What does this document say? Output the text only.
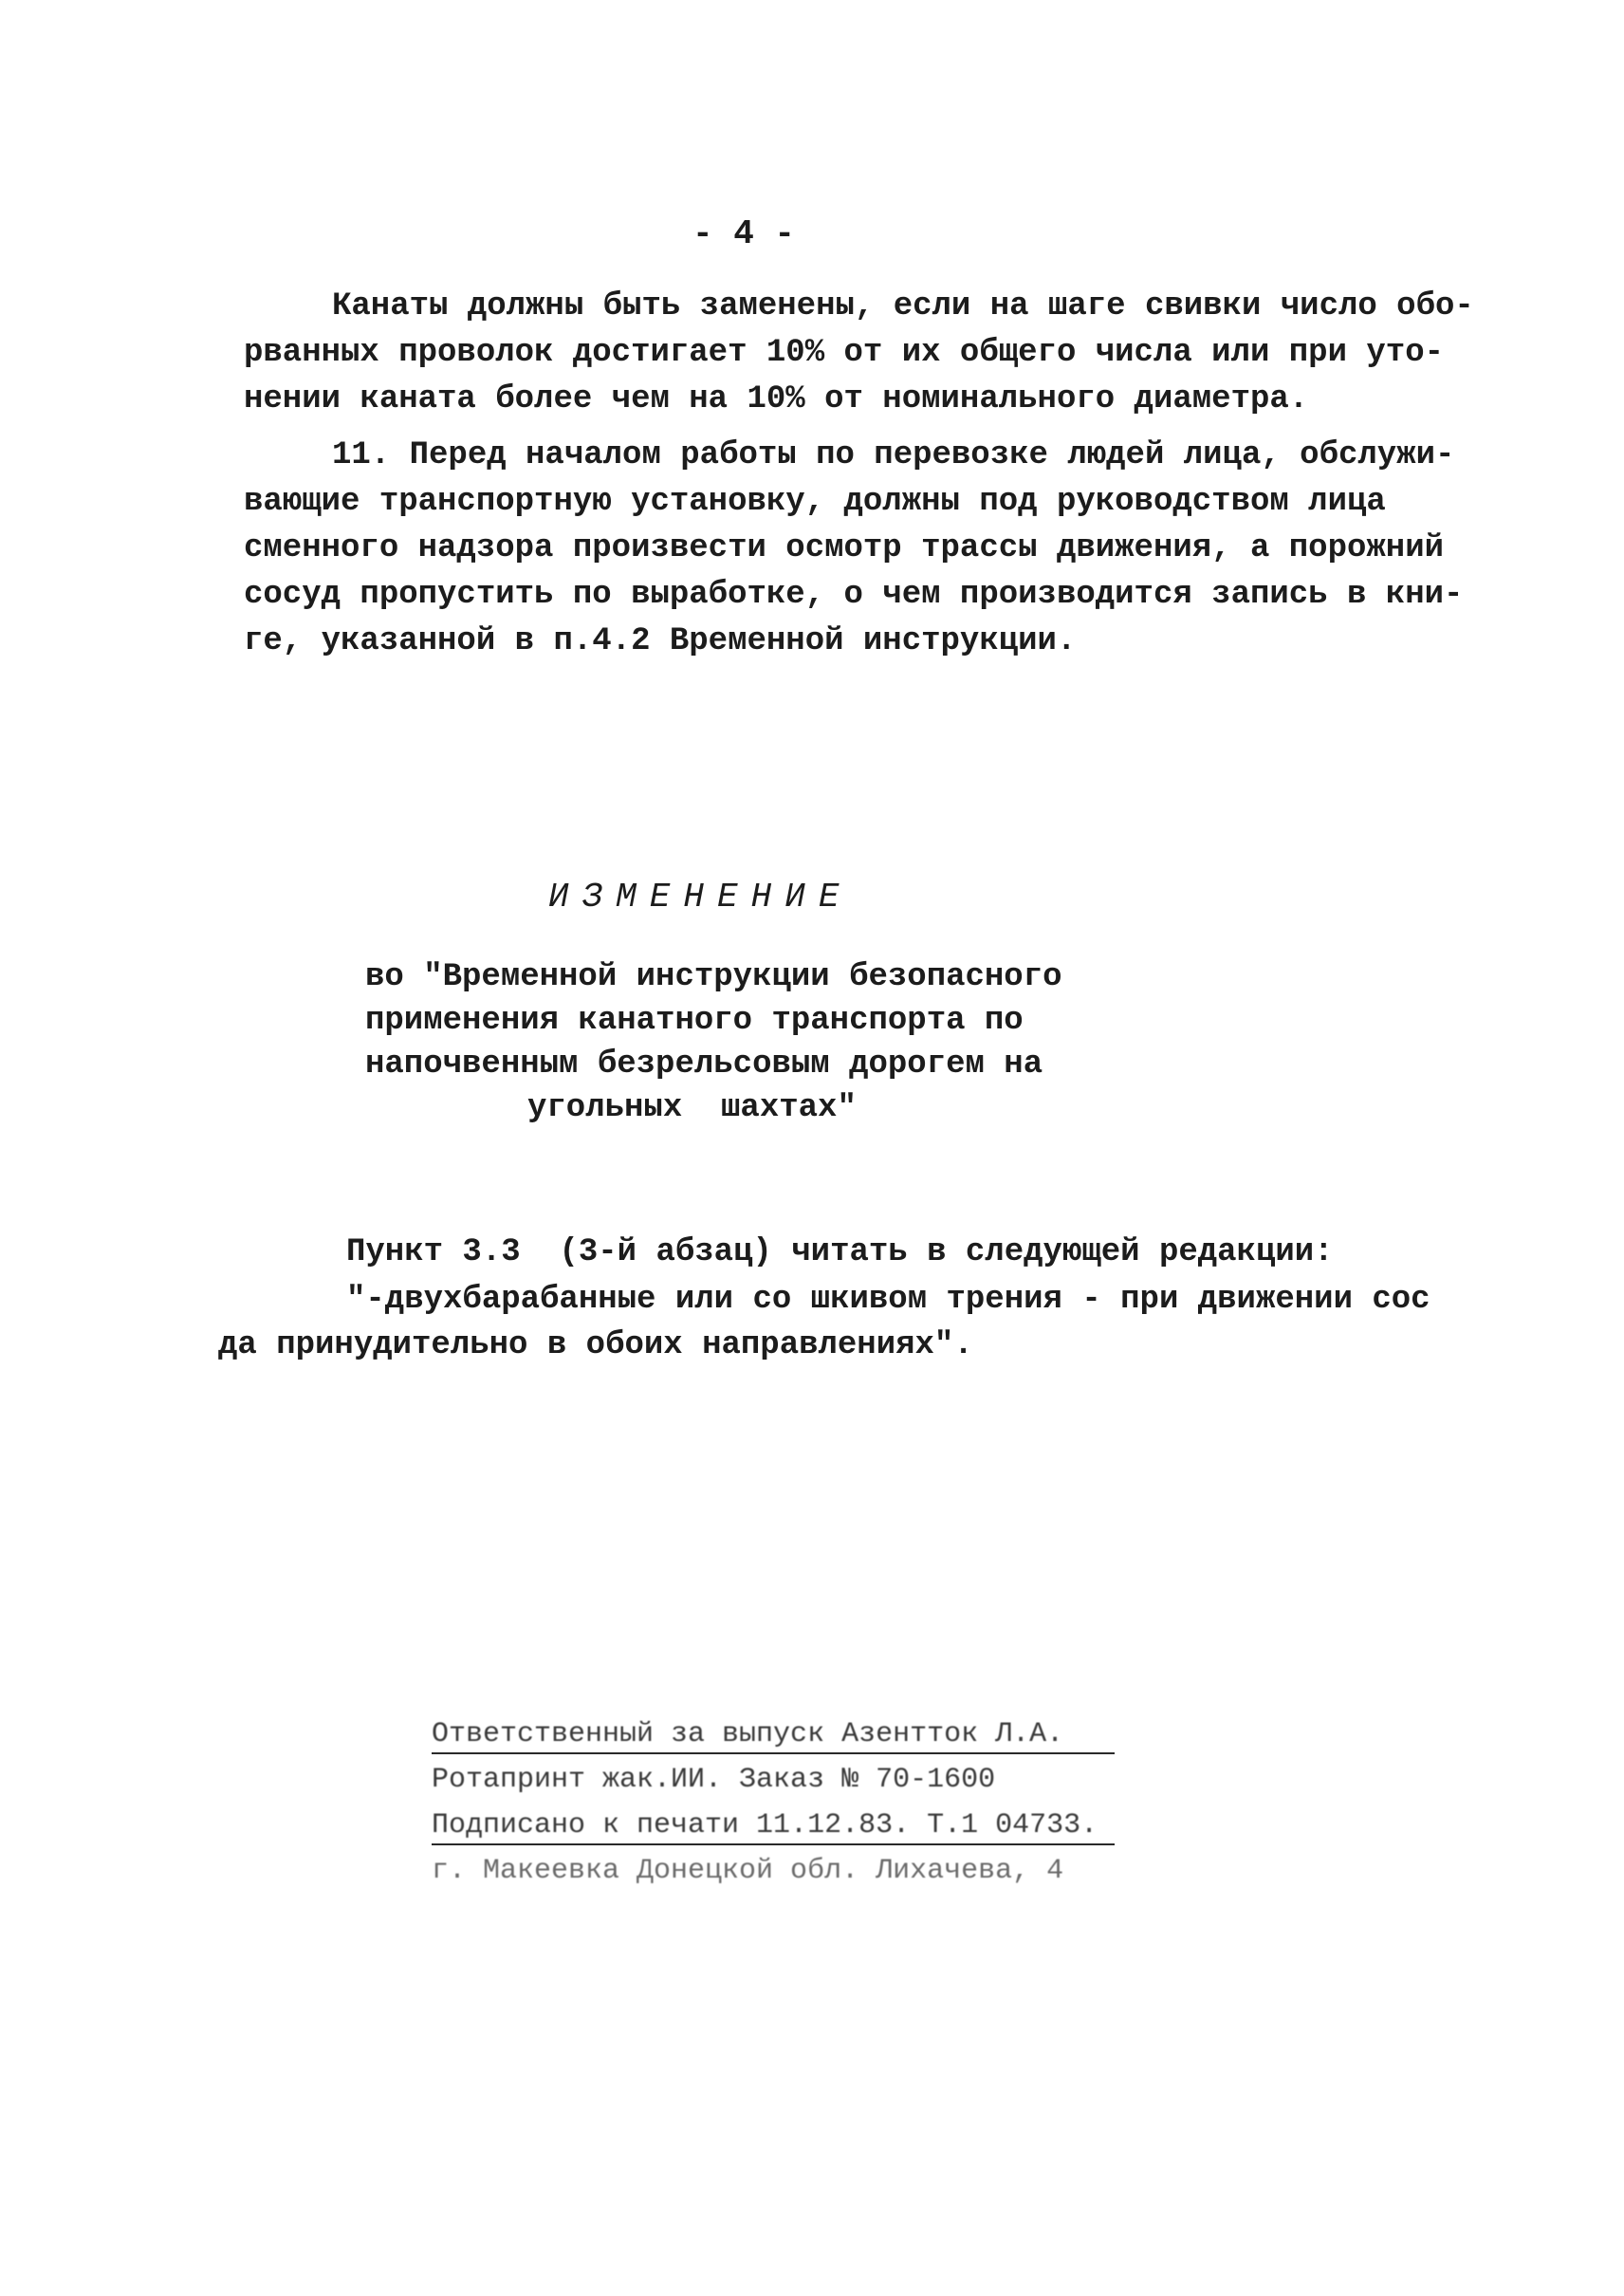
- 4 -
Канаты должны быть заменены, если на шаге свивки число обо-
рванных проволок достигает 10% от их общего числа или при уто-
нении каната более чем на 10% от номинального диаметра.
11. Перед началом работы по перевозке людей лица, обслужи-
вающие транспортную установку, должны под руководством лица
сменного надзора произвести осмотр трассы движения, а порожний
сосуд пропустить по выработке, о чем производится запись в кни-
ге, указанной в п.4.2 Временной инструкции.
ИЗМЕНЕНИЕ
во "Временной инструкции безопасного
применения канатного транспорта по
напочвенным безрельсовым дорогем на
угольных  шахтах"
Пункт 3.3  (3-й абзац) читать в следующей редакции:
"-двухбарабанные или со шкивом трения - при движении сос
да принудительно в обоих направлениях".
Ответственный за выпуск Азентток Л.А.
Ротапринт жак.ИИ. Заказ № 70-1600
Подписано к печати 11.12.83. Т.1 04733.
г. Макеевка Донецкой обл. Лихачева, 4
